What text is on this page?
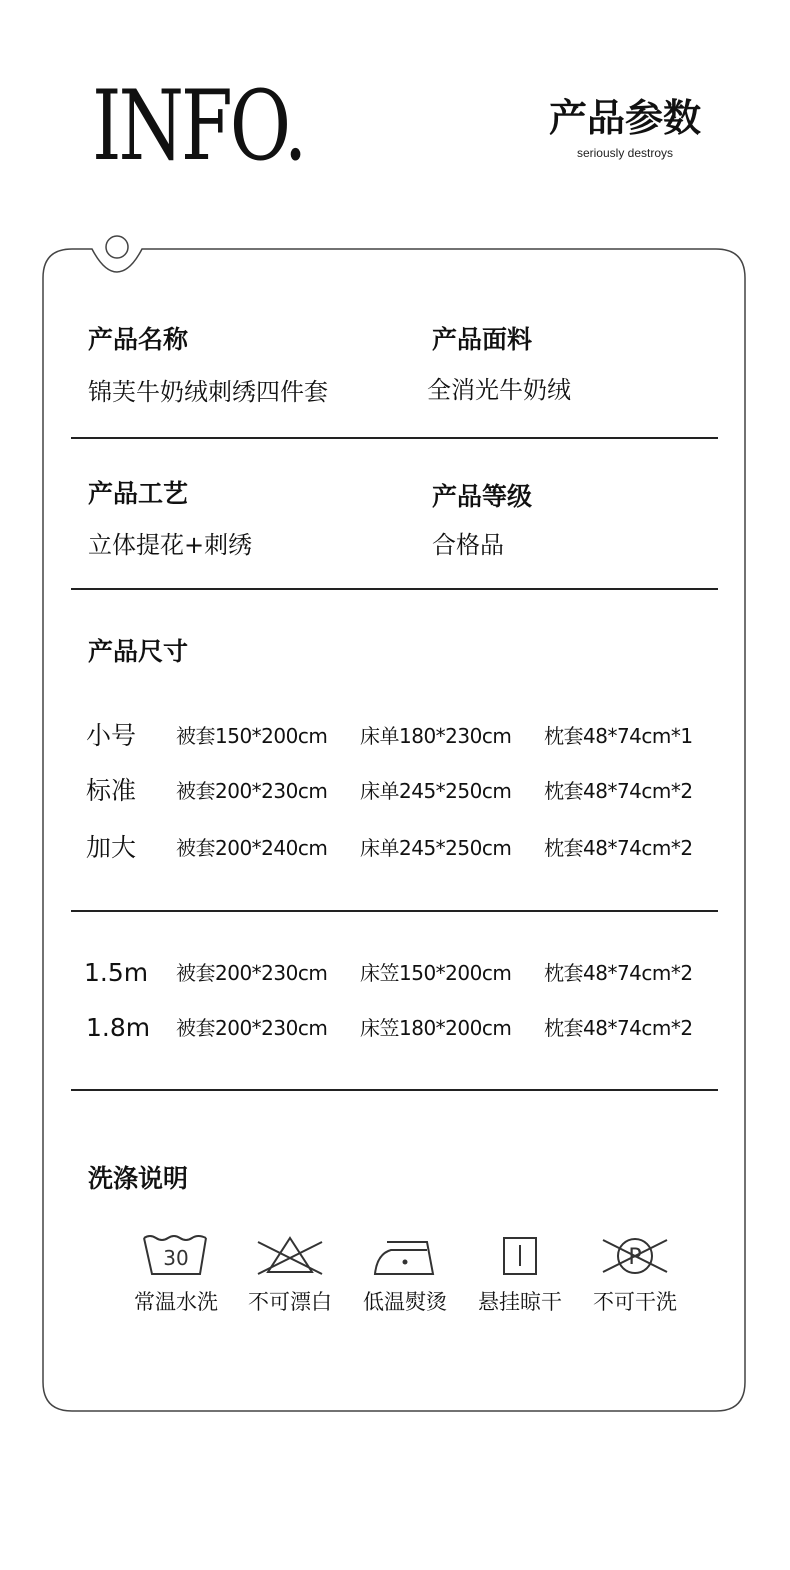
INFO.	产品参数
seriously destroys
产品名称
锦芙牛奶绒刺绣四件套
产品面料
全消光牛奶绒
产品工艺
立体提花+刺绣
产品等级
合格品
产品尺寸
小号 被套150*200cm 床单180*230cm 枕套48*74cm*1
标准 被套200*230cm 床单245*250cm 枕套48*74cm*2
加大 被套200*240cm 床单245*250cm 枕套48*74cm*2
1.5m 被套200*230cm 床笠150*200cm 枕套48*74cm*2
1.8m 被套200*230cm 床笠180*200cm 枕套48*74cm*2
洗涤说明
30
常温水洗	不可漂白	低温熨烫	悬挂晾干
P
不可干洗
